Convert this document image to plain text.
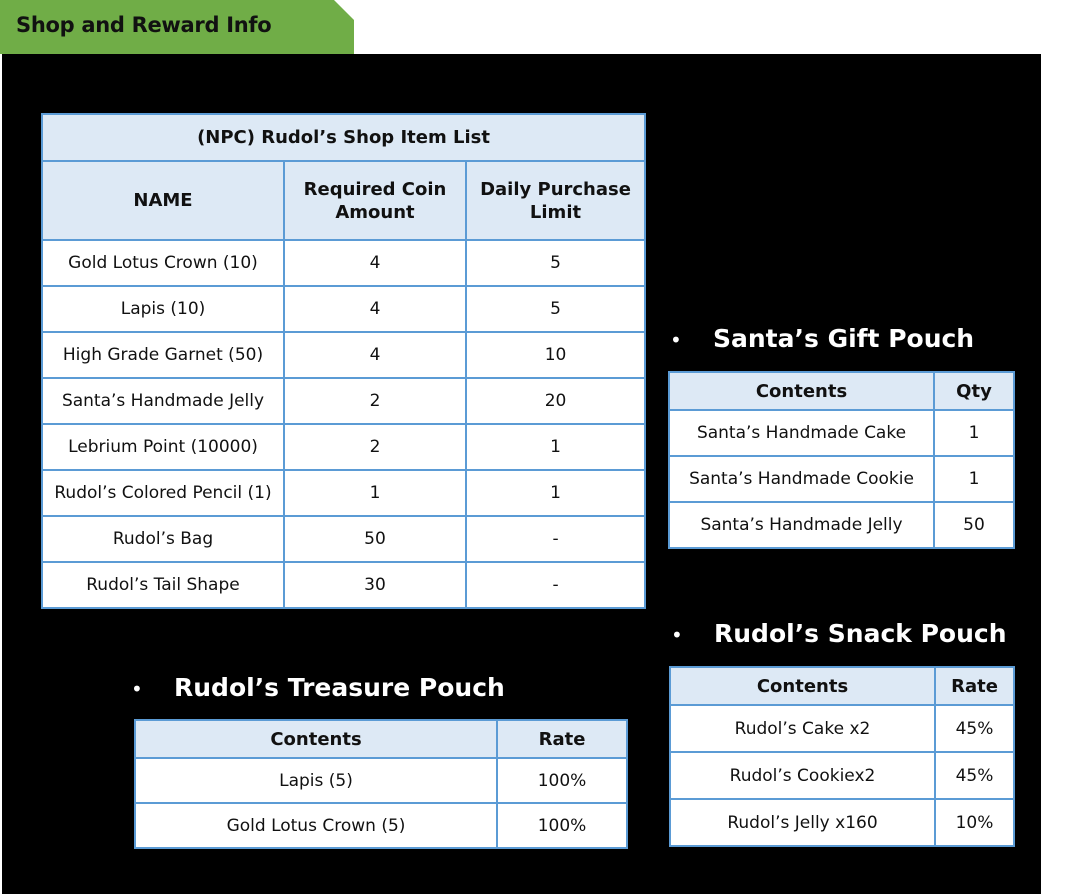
Shop and Reward Info
(NPC) Rudol’s Shop Item List		
NAME	Required Coin Amount	Daily Purchase Limit
Gold Lotus Crown (10)	4	5
Lapis (10)	4	5
High Grade Garnet (50)	4	10
Santa’s Handmade Jelly	2	20
Lebrium Point (10000)	2	1
Rudol’s Colored Pencil (1)	1	1
Rudol’s Bag	50	-
Rudol’s Tail Shape	30	-
• Santa’s Gift Pouch
Contents	Qty
Santa’s Handmade Cake	1
Santa’s Handmade Cookie	1
Santa’s Handmade Jelly	50
• Rudol’s Snack Pouch
Contents	Rate
Rudol’s Cake x2	45%
Rudol’s Cookiex2	45%
Rudol’s Jelly x160	10%
• Rudol’s Treasure Pouch
Contents	Rate
Lapis (5)	100%
Gold Lotus Crown (5)	100%
